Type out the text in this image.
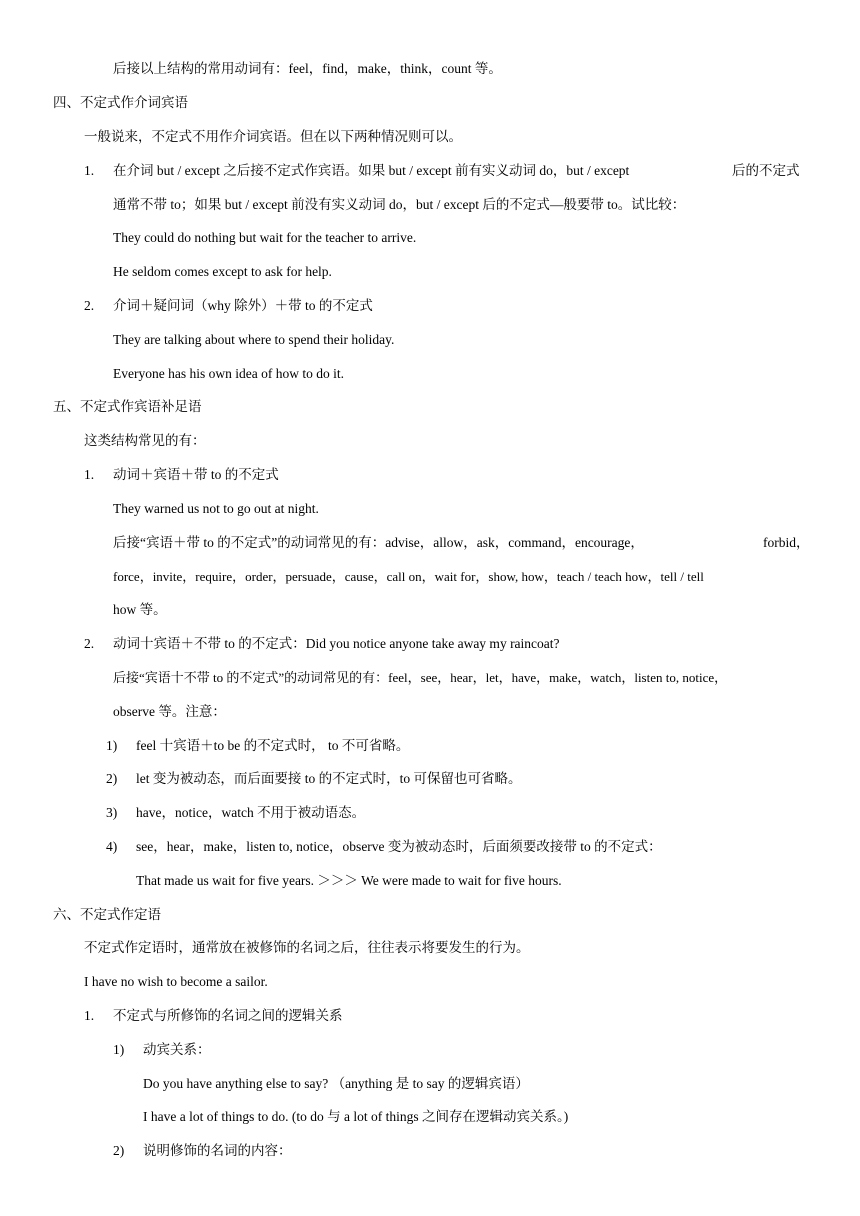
后接以上结构的常用动词有：feel，find，make，think，count 等。
四、不定式作介词宾语
一般说来，不定式不用作介词宾语。但在以下两种情况则可以。
1. 在介词 but / except 之后接不定式作宾语。如果 but / except 前有实义动词 do，but / except	后的不定式
通常不带 to；如果 but / except 前没有实义动词 do，but / except 后的不定式—般要带 to。试比较：
They could do nothing but wait for the teacher to arrive.
He seldom comes except to ask for help.
2. 介词＋疑问词（why 除外）＋带 to 的不定式
They are talking about where to spend their holiday.
Everyone has his own idea of how to do it.
五、不定式作宾语补足语
这类结构常见的有：
1. 动词＋宾语＋带 to 的不定式
They warned us not to go out at night.
后接“宾语＋带 to 的不定式”的动词常见的有：advise，allow，ask，command，encourage，	forbid，
force，invite，require，order，persuade，cause，call on，wait for，show, how，teach / teach how，tell / tell
how 等。
2. 动词十宾语＋不带 to 的不定式：Did you notice anyone take away my raincoat?
后接“宾语十不带 to 的不定式”的动词常见的有：feel，see，hear，let，have，make，watch，listen to, notice，
observe 等。注意：
1) feel 十宾语＋to be 的不定式时， to 不可省略。
2) let 变为被动态，而后面要接 to 的不定式时，to 可保留也可省略。
3) have，notice，watch 不用于被动语态。
4) see，hear，make，listen to, notice，observe 变为被动态时，后面须要改接带 to 的不定式：
That made us wait for five years. ＞＞＞ We were made to wait for five hours.
六、不定式作定语
不定式作定语时，通常放在被修饰的名词之后，往往表示将要发生的行为。
I have no wish to become a sailor.
1. 不定式与所修饰的名词之间的逻辑关系
1) 动宾关系：
Do you have anything else to say? （anything 是 to say 的逻辑宾语）
I have a lot of things to do. (to do 与 a lot of things 之间存在逻辑动宾关系。)
2) 说明修饰的名词的内容：
